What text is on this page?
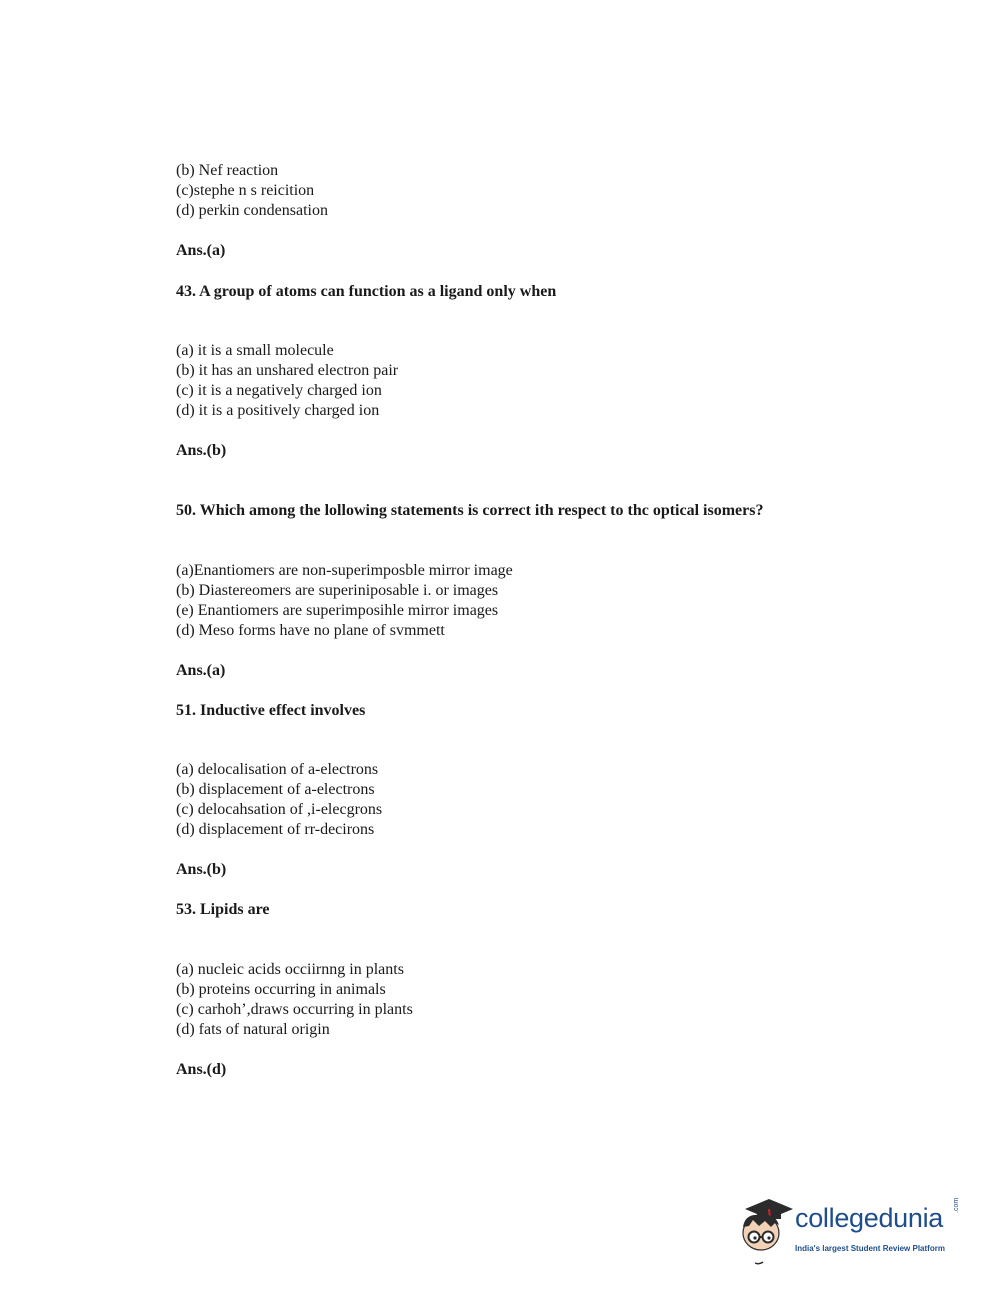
(b) Nef reaction
(c)stephe n s reicition
(d) perkin condensation
Ans.(a)
43. A group of atoms can function as a ligand only when
(a) it is a small molecule
(b) it has an unshared electron pair
(c) it is a negatively charged ion
(d) it is a positively charged ion
Ans.(b)
50. Which among the lollowing statements is correct ith respect to thc optical isomers?
(a)Enantiomers are non-superimposble mirror image
(b) Diastereomers are superiniposable i. or images
(e) Enantiomers are superimposihle mirror images
(d) Meso forms have no plane of svmmett
Ans.(a)
51. Inductive effect involves
(a) delocalisation of a-electrons
(b) displacement of a-electrons
(c) delocahsation of ,i-elecgrons
(d) displacement of rr-decirons
Ans.(b)
53. Lipids are
(a) nucleic acids occiirnng in plants
(b) proteins occurring in animals
(c) carhoh’,draws occurring in plants
(d) fats of natural origin
Ans.(d)
collegedunia .com
India's largest Student Review Platform
